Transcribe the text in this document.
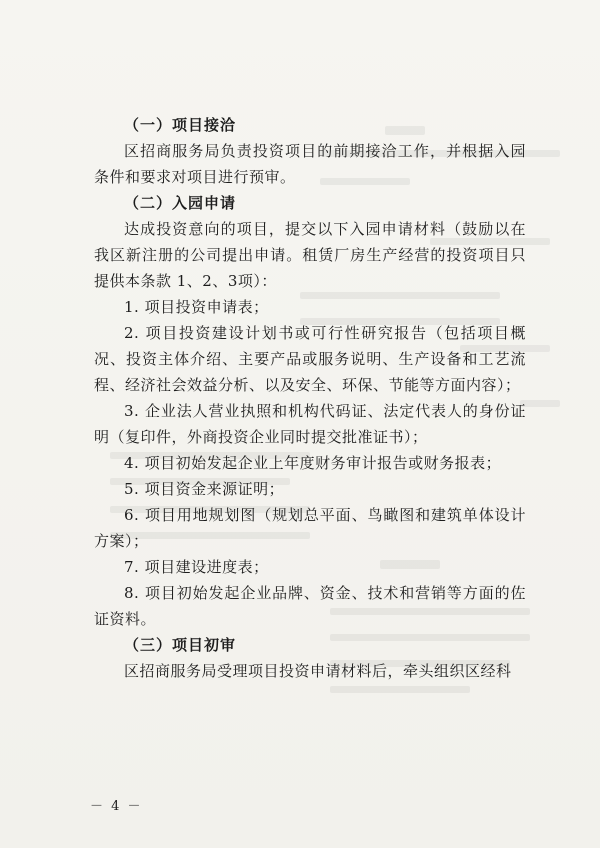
（一）项目接洽

区招商服务局负责投资项目的前期接洽工作，并根据入园条件和要求对项目进行预审。

（二）入园申请

达成投资意向的项目，提交以下入园申请材料（鼓励以在我区新注册的公司提出申请。租赁厂房生产经营的投资项目只提供本条款 1、2、3项）：

1. 项目投资申请表；

2. 项目投资建设计划书或可行性研究报告（包括项目概况、投资主体介绍、主要产品或服务说明、生产设备和工艺流程、经济社会效益分析、以及安全、环保、节能等方面内容）；

3. 企业法人营业执照和机构代码证、法定代表人的身份证明（复印件，外商投资企业同时提交批准证书）；

4. 项目初始发起企业上年度财务审计报告或财务报表；

5. 项目资金来源证明；

6. 项目用地规划图（规划总平面、鸟瞰图和建筑单体设计方案）；

7. 项目建设进度表；

8. 项目初始发起企业品牌、资金、技术和营销等方面的佐证资料。

（三）项目初审

区招商服务局受理项目投资申请材料后，牵头组织区经科

－ 4 －
